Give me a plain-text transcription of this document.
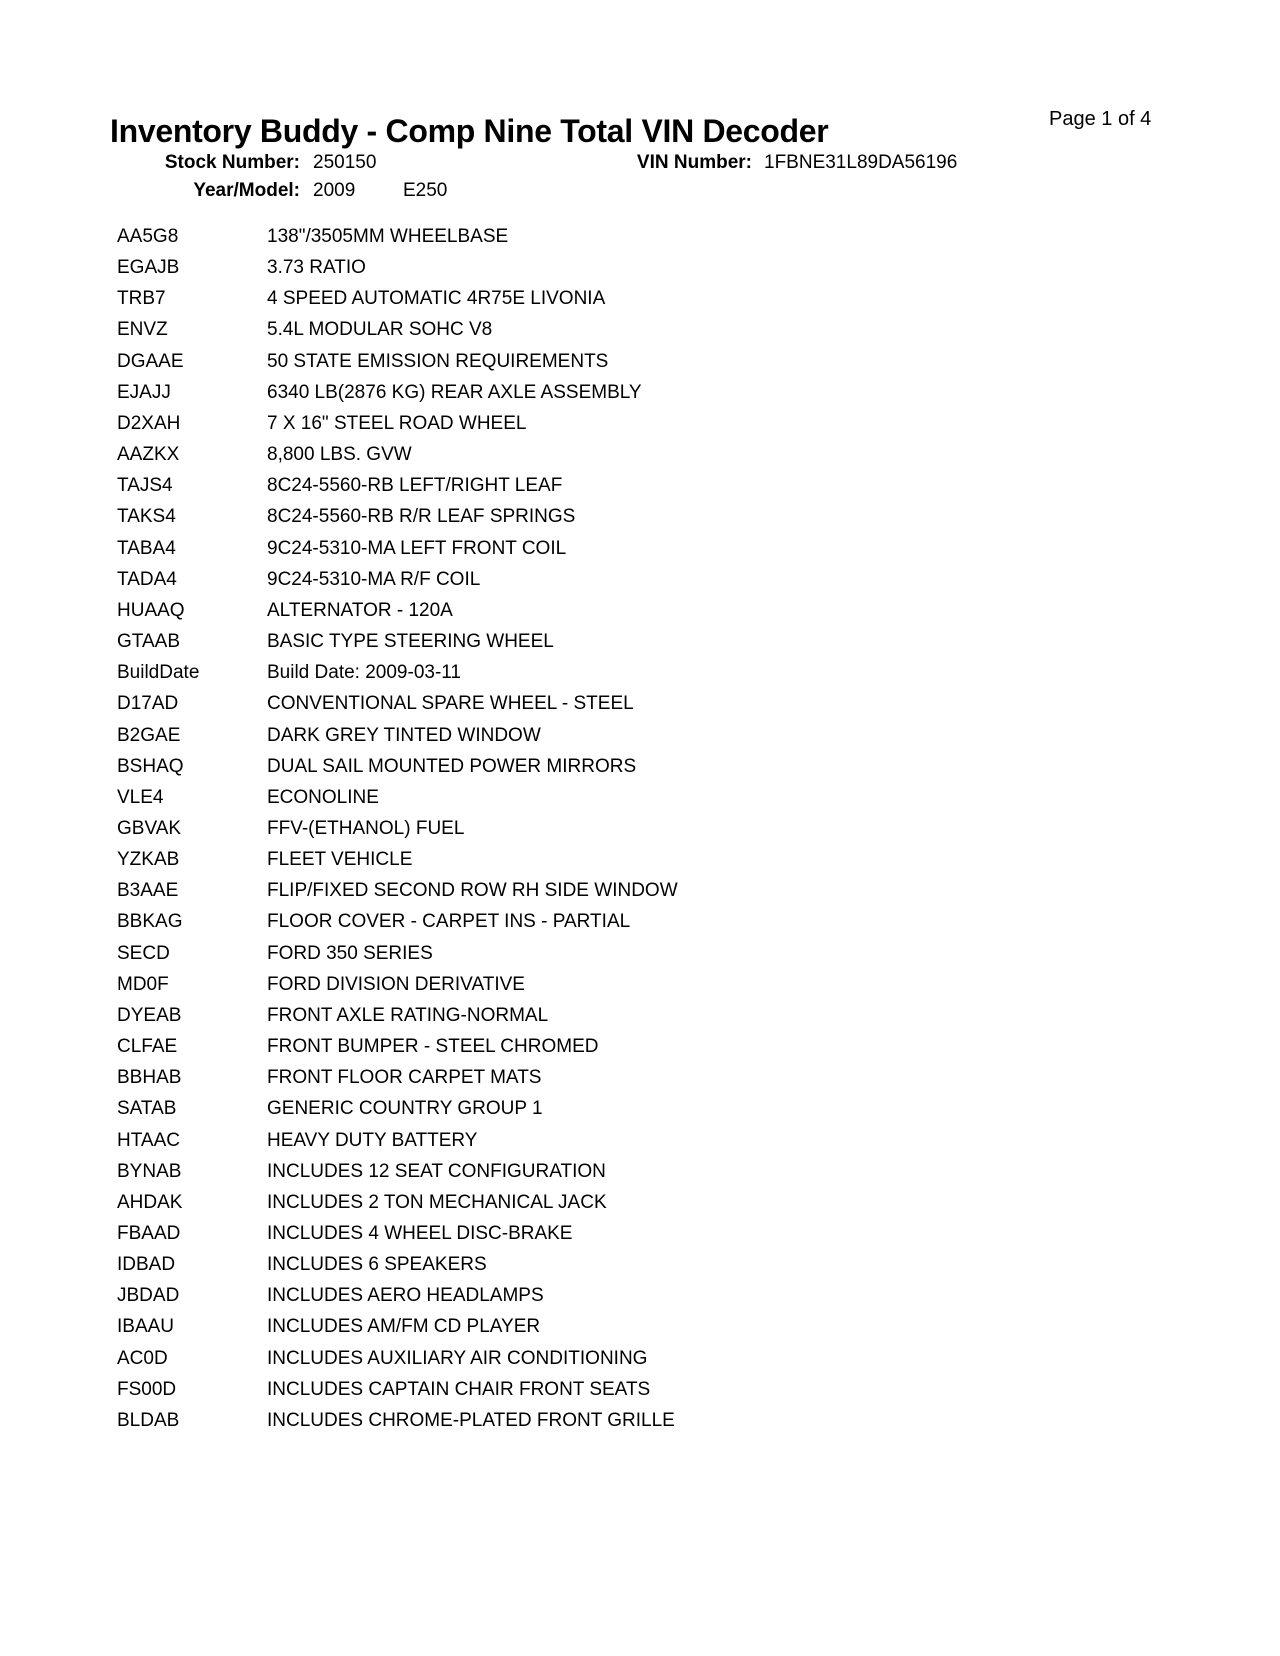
Inventory Buddy - Comp Nine Total VIN Decoder	Page 1 of 4
Stock Number: 250150	VIN Number: 1FBNE31L89DA56196
Year/Model: 2009	E250
AA5G8	138"/3505MM WHEELBASE
EGAJB	3.73 RATIO
TRB7	4 SPEED AUTOMATIC 4R75E LIVONIA
ENVZ	5.4L MODULAR SOHC V8
DGAAE	50 STATE EMISSION REQUIREMENTS
EJAJJ	6340 LB(2876 KG) REAR AXLE ASSEMBLY
D2XAH	7 X 16" STEEL ROAD WHEEL
AAZKX	8,800 LBS. GVW
TAJS4	8C24-5560-RB LEFT/RIGHT LEAF
TAKS4	8C24-5560-RB R/R LEAF SPRINGS
TABA4	9C24-5310-MA LEFT FRONT COIL
TADA4	9C24-5310-MA R/F COIL
HUAAQ	ALTERNATOR - 120A
GTAAB	BASIC TYPE STEERING WHEEL
BuildDate	Build Date: 2009-03-11
D17AD	CONVENTIONAL SPARE WHEEL - STEEL
B2GAE	DARK GREY TINTED WINDOW
BSHAQ	DUAL SAIL MOUNTED POWER MIRRORS
VLE4	ECONOLINE
GBVAK	FFV-(ETHANOL) FUEL
YZKAB	FLEET VEHICLE
B3AAE	FLIP/FIXED SECOND ROW RH SIDE WINDOW
BBKAG	FLOOR COVER - CARPET INS - PARTIAL
SECD	FORD 350 SERIES
MD0F	FORD DIVISION DERIVATIVE
DYEAB	FRONT AXLE RATING-NORMAL
CLFAE	FRONT BUMPER - STEEL CHROMED
BBHAB	FRONT FLOOR CARPET MATS
SATAB	GENERIC COUNTRY GROUP 1
HTAAC	HEAVY DUTY BATTERY
BYNAB	INCLUDES 12 SEAT CONFIGURATION
AHDAK	INCLUDES 2 TON MECHANICAL JACK
FBAAD	INCLUDES 4 WHEEL DISC-BRAKE
IDBAD	INCLUDES 6 SPEAKERS
JBDAD	INCLUDES AERO HEADLAMPS
IBAAU	INCLUDES AM/FM CD PLAYER
AC0D	INCLUDES AUXILIARY AIR CONDITIONING
FS00D	INCLUDES CAPTAIN CHAIR FRONT SEATS
BLDAB	INCLUDES CHROME-PLATED FRONT GRILLE
